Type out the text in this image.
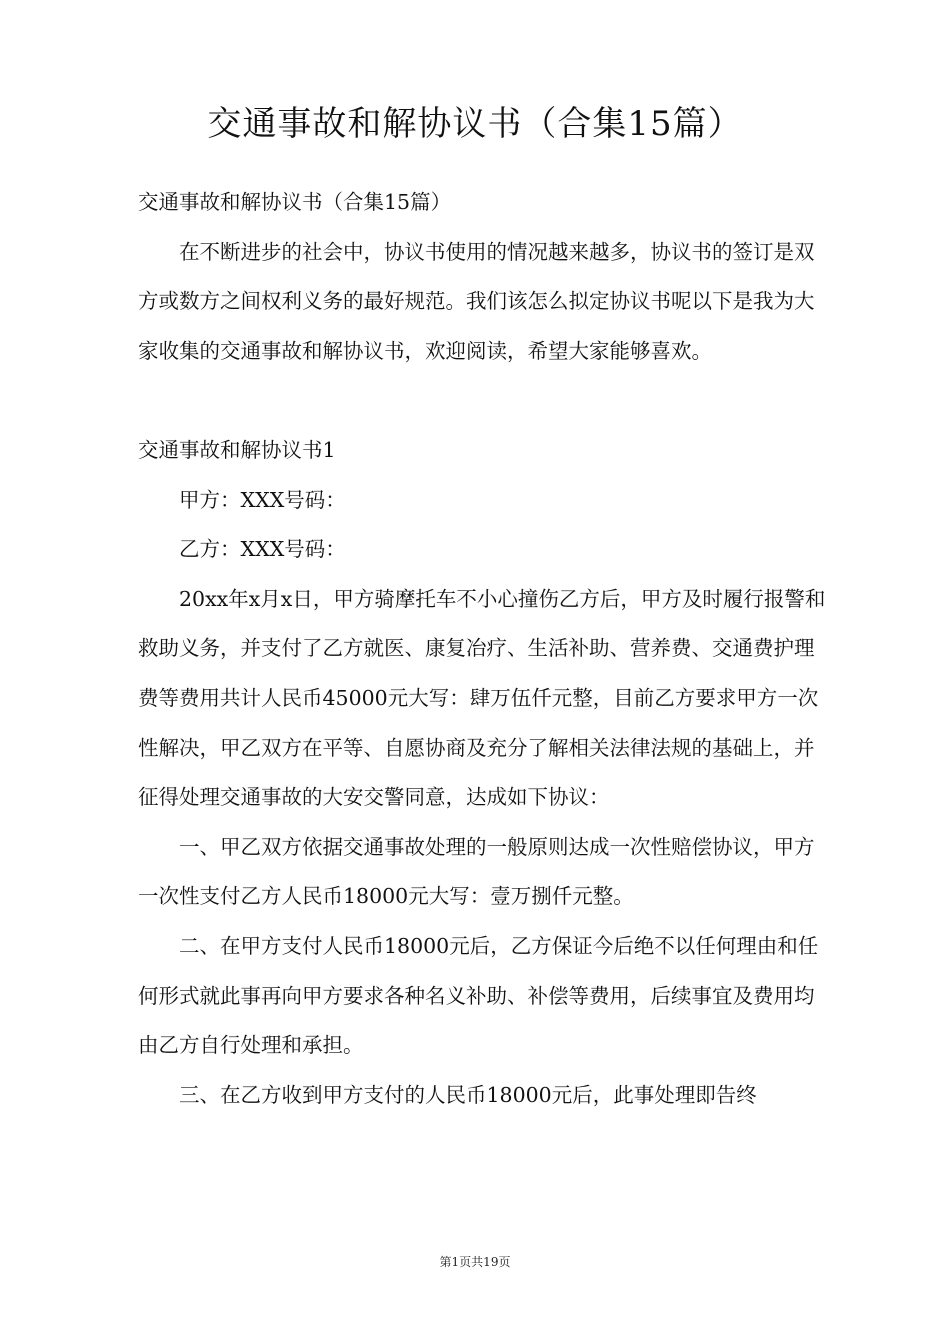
交通事故和解协议书（合集15篇）

交通事故和解协议书（合集15篇）

在不断进步的社会中，协议书使用的情况越来越多，协议书的签订是双方或数方之间权利义务的最好规范。我们该怎么拟定协议书呢以下是我为大家收集的交通事故和解协议书，欢迎阅读，希望大家能够喜欢。

交通事故和解协议书1

甲方：XXX号码：

乙方：XXX号码：

20xx年x月x日，甲方骑摩托车不小心撞伤乙方后，甲方及时履行报警和救助义务，并支付了乙方就医、康复冶疗、生活补助、营养费、交通费护理费等费用共计人民币45000元大写：肆万伍仟元整，目前乙方要求甲方一次性解决，甲乙双方在平等、自愿协商及充分了解相关法律法规的基础上，并征得处理交通事故的大安交警同意，达成如下协议：

一、甲乙双方依据交通事故处理的一般原则达成一次性赔偿协议，甲方一次性支付乙方人民币18000元大写：壹万捌仟元整。

二、在甲方支付人民币18000元后，乙方保证今后绝不以任何理由和任何形式就此事再向甲方要求各种名义补助、补偿等费用，后续事宜及费用均由乙方自行处理和承担。

三、在乙方收到甲方支付的人民币18000元后，此事处理即告终

第1页共19页
